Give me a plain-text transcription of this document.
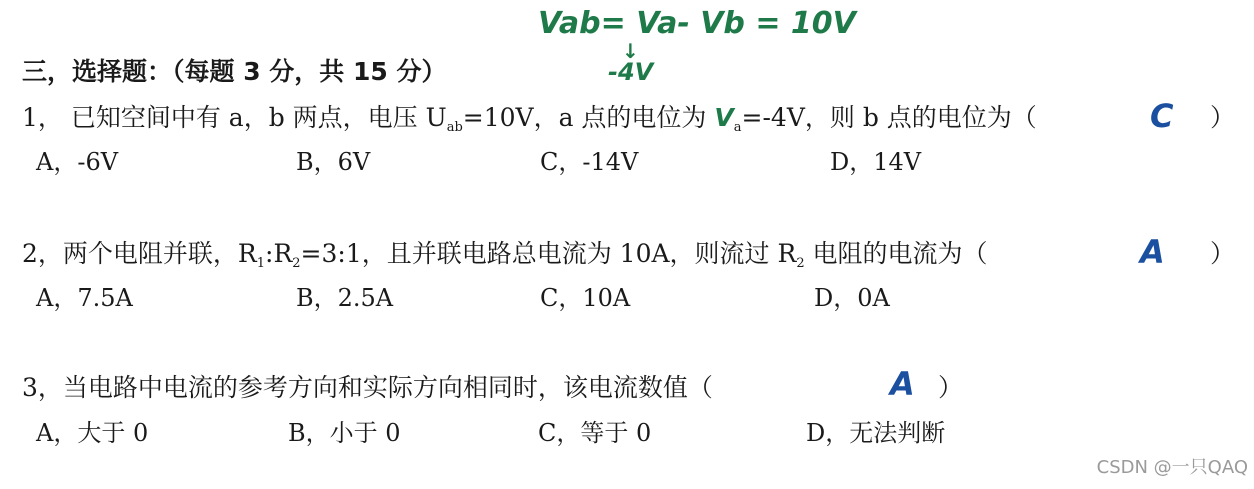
Vab= Va- Vb = 10V
↓
-4V
三，选择题：（每题 3 分，共 15 分）
1， 已知空间中有 a，b 两点，电压 $U_{ab}=10V$，a 点的电位为 $V_a=-4V$，则 b 点的电位为（	C ）
A，-6V	B，6V	C，-14V	D，14V
2，两个电阻并联，$R_1:R_2=3:1$，且并联电路总电流为 10A，则流过 $R_2$ 电阻的电流为（	A ）
A，7.5A	B，2.5A	C，10A	D，0A
3，当电路中电流的参考方向和实际方向相同时，该电流数值（	A ）
A，大于 0	B，小于 0	C，等于 0	D，无法判断
CSDN @一只QAQ
